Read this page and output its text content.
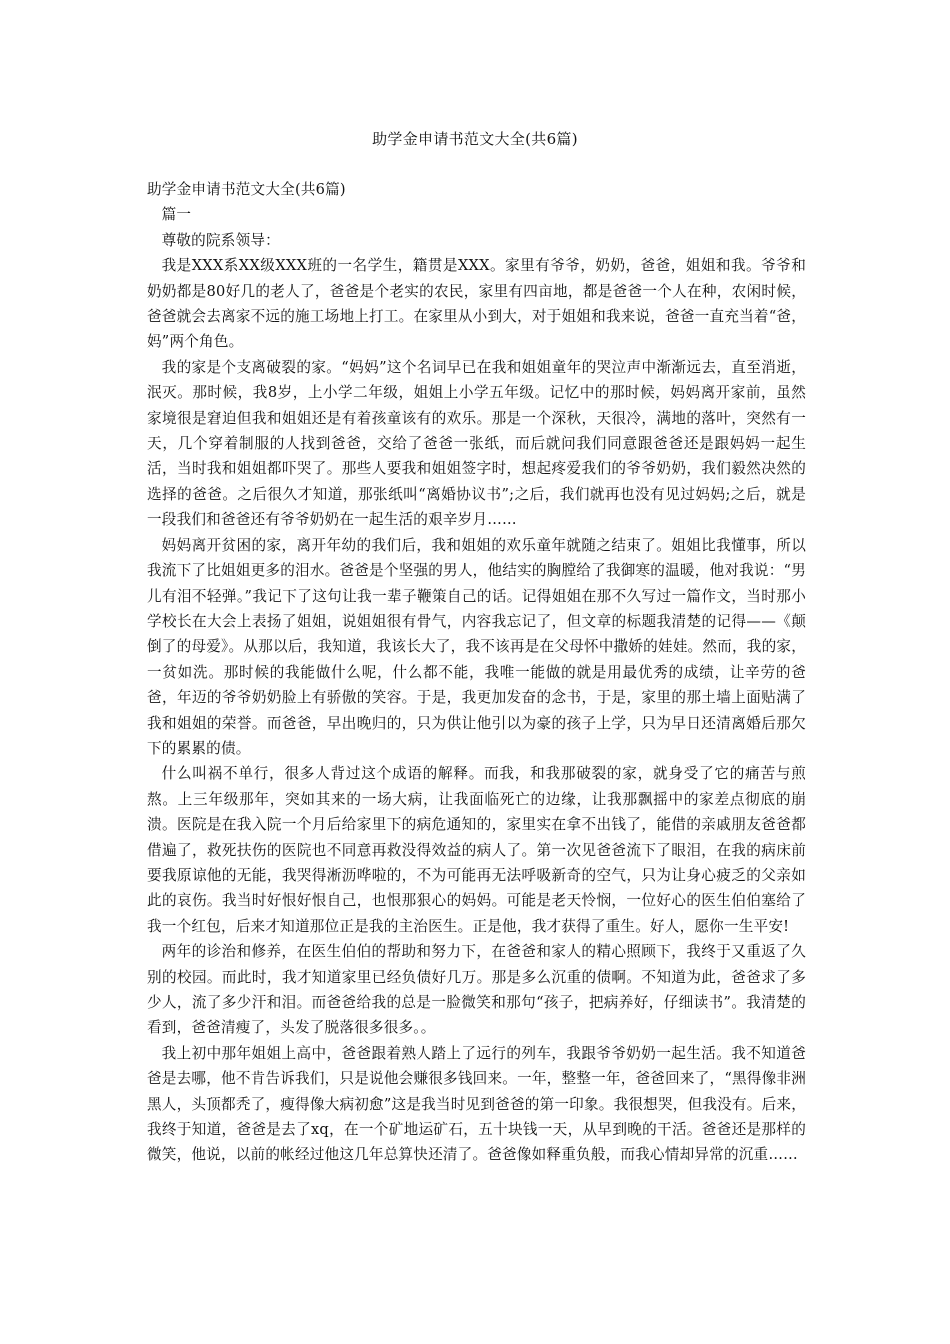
助学金申请书范文大全(共6篇)

助学金申请书范文大全(共6篇)

篇一

尊敬的院系领导：

我是XXX系XX级XXX班的一名学生，籍贯是XXX。家里有爷爷，奶奶，爸爸，姐姐和我。爷爷和奶奶都是80好几的老人了，爸爸是个老实的农民，家里有四亩地，都是爸爸一个人在种，农闲时候，爸爸就会去离家不远的施工场地上打工。在家里从小到大，对于姐姐和我来说，爸爸一直充当着“爸，妈”两个角色。

我的家是个支离破裂的家。“妈妈”这个名词早已在我和姐姐童年的哭泣声中渐渐远去，直至消逝，泯灭。那时候，我8岁，上小学二年级，姐姐上小学五年级。记忆中的那时候，妈妈离开家前，虽然家境很是窘迫但我和姐姐还是有着孩童该有的欢乐。那是一个深秋，天很冷，满地的落叶，突然有一天，几个穿着制服的人找到爸爸，交给了爸爸一张纸，而后就问我们同意跟爸爸还是跟妈妈一起生活，当时我和姐姐都吓哭了。那些人要我和姐姐签字时，想起疼爱我们的爷爷奶奶，我们毅然决然的选择的爸爸。之后很久才知道，那张纸叫“离婚协议书”;之后，我们就再也没有见过妈妈;之后，就是一段我们和爸爸还有爷爷奶奶在一起生活的艰辛岁月……

妈妈离开贫困的家，离开年幼的我们后，我和姐姐的欢乐童年就随之结束了。姐姐比我懂事，所以我流下了比姐姐更多的泪水。爸爸是个坚强的男人，他结实的胸膛给了我御寒的温暖，他对我说：“男儿有泪不轻弹。”我记下了这句让我一辈子鞭策自己的话。记得姐姐在那不久写过一篇作文，当时那小学校长在大会上表扬了姐姐，说姐姐很有骨气，内容我忘记了，但文章的标题我清楚的记得——《颠倒了的母爱》。从那以后，我知道，我该长大了，我不该再是在父母怀中撒娇的娃娃。然而，我的家，一贫如洗。那时候的我能做什么呢，什么都不能，我唯一能做的就是用最优秀的成绩，让辛劳的爸爸，年迈的爷爷奶奶脸上有骄傲的笑容。于是，我更加发奋的念书，于是，家里的那土墙上面贴满了我和姐姐的荣誉。而爸爸，早出晚归的，只为供让他引以为豪的孩子上学，只为早日还清离婚后那欠下的累累的债。

什么叫祸不单行，很多人背过这个成语的解释。而我，和我那破裂的家，就身受了它的痛苦与煎熬。上三年级那年，突如其来的一场大病，让我面临死亡的边缘，让我那飘摇中的家差点彻底的崩溃。医院是在我入院一个月后给家里下的病危通知的，家里实在拿不出钱了，能借的亲戚朋友爸爸都借遍了，救死扶伤的医院也不同意再救没得效益的病人了。第一次见爸爸流下了眼泪，在我的病床前要我原谅他的无能，我哭得淅沥哗啦的，不为可能再无法呼吸新奇的空气，只为让身心疲乏的父亲如此的哀伤。我当时好恨好恨自己，也恨那狠心的妈妈。可能是老天怜悯，一位好心的医生伯伯塞给了我一个红包，后来才知道那位正是我的主治医生。正是他，我才获得了重生。好人，愿你一生平安!

两年的诊治和修养，在医生伯伯的帮助和努力下，在爸爸和家人的精心照顾下，我终于又重返了久别的校园。而此时，我才知道家里已经负债好几万。那是多么沉重的债啊。不知道为此，爸爸求了多少人，流了多少汗和泪。而爸爸给我的总是一脸微笑和那句“孩子，把病养好，仔细读书”。我清楚的看到，爸爸清瘦了，头发了脱落很多很多。。

我上初中那年姐姐上高中，爸爸跟着熟人踏上了远行的列车，我跟爷爷奶奶一起生活。我不知道爸爸是去哪，他不肯告诉我们，只是说他会赚很多钱回来。一年，整整一年，爸爸回来了，“黑得像非洲黑人，头顶都秃了，瘦得像大病初愈”这是我当时见到爸爸的第一印象。我很想哭，但我没有。后来，我终于知道，爸爸是去了xq，在一个矿地运矿石，五十块钱一天，从早到晚的干活。爸爸还是那样的微笑，他说，以前的帐经过他这几年总算快还清了。爸爸像如释重负般，而我心情却异常的沉重……
